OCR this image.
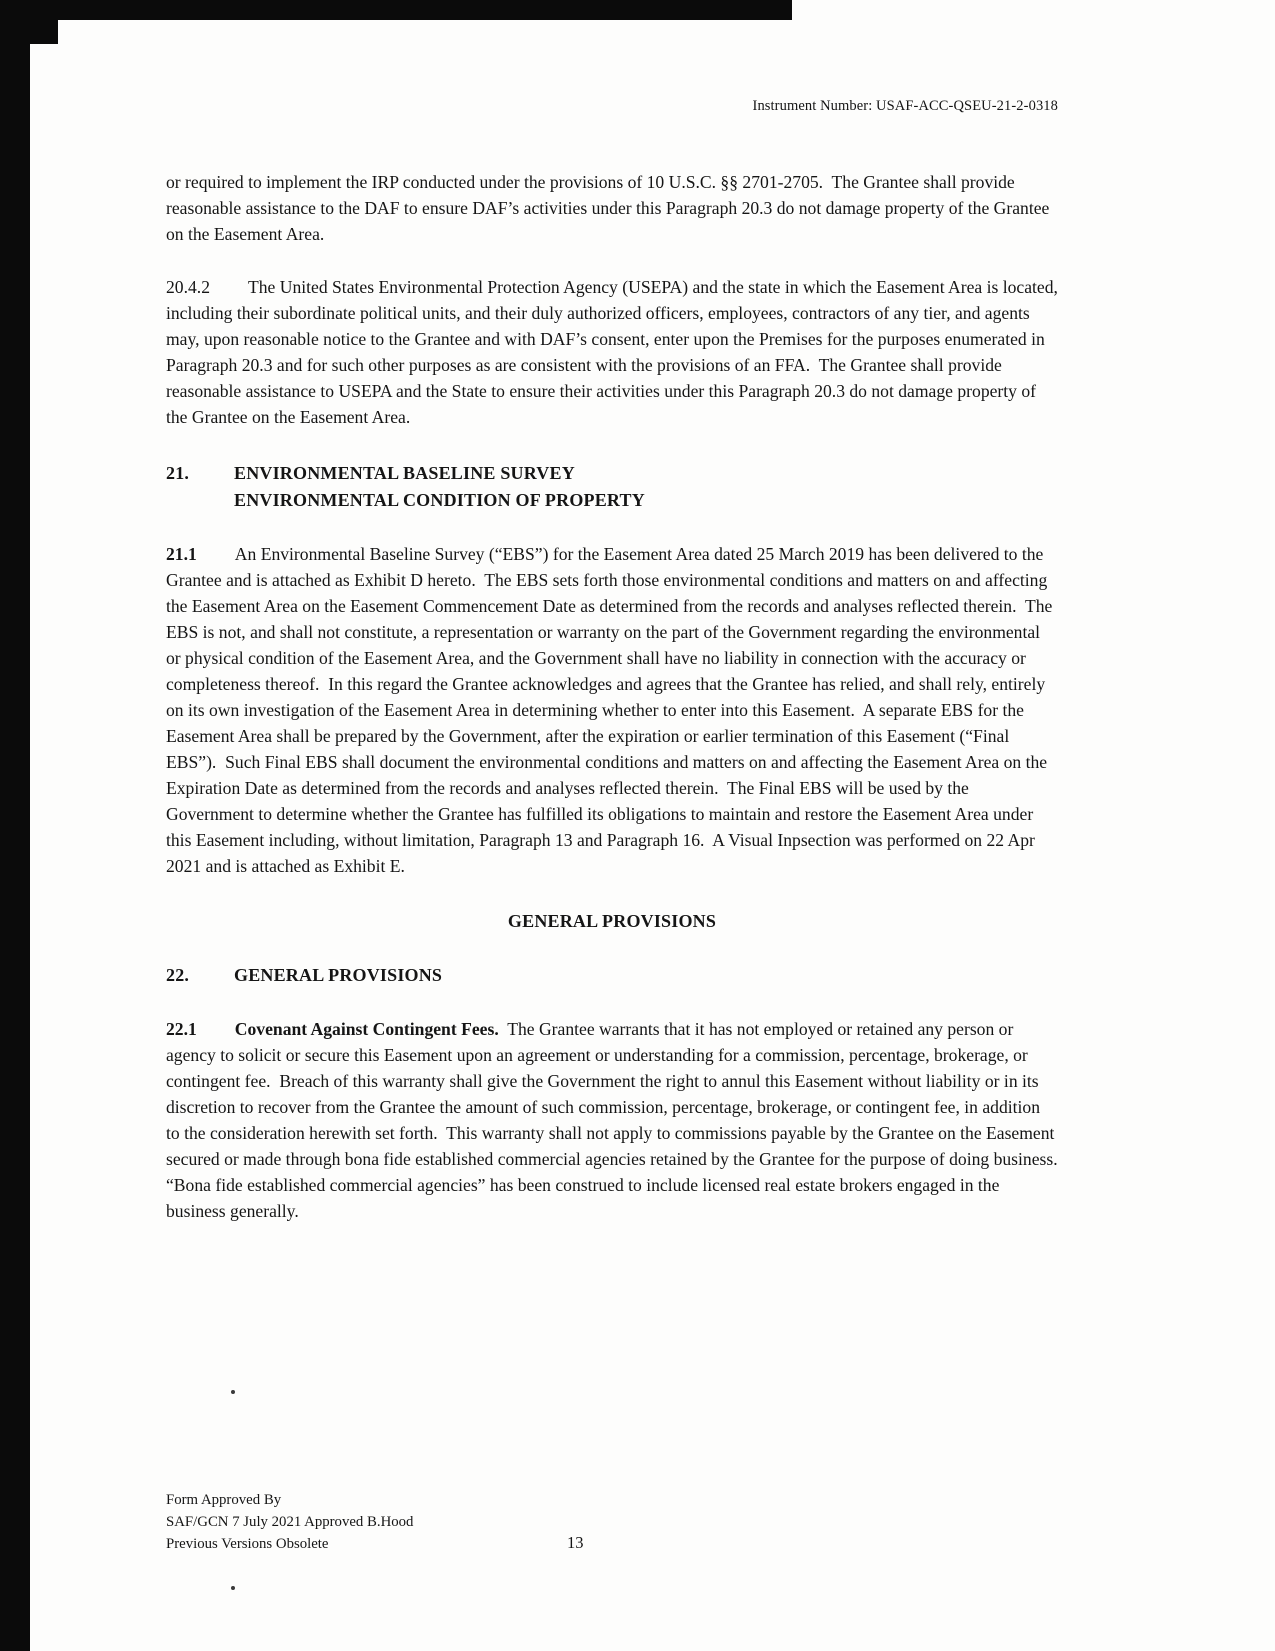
Instrument Number: USAF-ACC-QSEU-21-2-0318

or required to implement the IRP conducted under the provisions of 10 U.S.C. §§ 2701-2705.  The Grantee shall provide reasonable assistance to the DAF to ensure DAF’s activities under this Paragraph 20.3 do not damage property of the Grantee on the Easement Area.

20.4.2 The United States Environmental Protection Agency (USEPA) and the state in which the Easement Area is located, including their subordinate political units, and their duly authorized officers, employees, contractors of any tier, and agents may, upon reasonable notice to the Grantee and with DAF’s consent, enter upon the Premises for the purposes enumerated in Paragraph 20.3 and for such other purposes as are consistent with the provisions of an FFA.  The Grantee shall provide reasonable assistance to USEPA and the State to ensure their activities under this Paragraph 20.3 do not damage property of the Grantee on the Easement Area.

21.	ENVIRONMENTAL BASELINE SURVEY
ENVIRONMENTAL CONDITION OF PROPERTY

21.1 An Environmental Baseline Survey (“EBS”) for the Easement Area dated 25 March 2019 has been delivered to the Grantee and is attached as Exhibit D hereto.  The EBS sets forth those environmental conditions and matters on and affecting the Easement Area on the Easement Commencement Date as determined from the records and analyses reflected therein.  The EBS is not, and shall not constitute, a representation or warranty on the part of the Government regarding the environmental or physical condition of the Easement Area, and the Government shall have no liability in connection with the accuracy or completeness thereof.  In this regard the Grantee acknowledges and agrees that the Grantee has relied, and shall rely, entirely on its own investigation of the Easement Area in determining whether to enter into this Easement.  A separate EBS for the Easement Area shall be prepared by the Government, after the expiration or earlier termination of this Easement (“Final EBS”).  Such Final EBS shall document the environmental conditions and matters on and affecting the Easement Area on the Expiration Date as determined from the records and analyses reflected therein.  The Final EBS will be used by the Government to determine whether the Grantee has fulfilled its obligations to maintain and restore the Easement Area under this Easement including, without limitation, Paragraph 13 and Paragraph 16.  A Visual Inpsection was performed on 22 Apr 2021 and is attached as Exhibit E.

GENERAL PROVISIONS
22.	GENERAL PROVISIONS

22.1 Covenant Against Contingent Fees.  The Grantee warrants that it has not employed or retained any person or agency to solicit or secure this Easement upon an agreement or understanding for a commission, percentage, brokerage, or contingent fee.  Breach of this warranty shall give the Government the right to annul this Easement without liability or in its discretion to recover from the Grantee the amount of such commission, percentage, brokerage, or contingent fee, in addition to the consideration herewith set forth.  This warranty shall not apply to commissions payable by the Grantee on the Easement secured or made through bona fide established commercial agencies retained by the Grantee for the purpose of doing business.  “Bona fide established commercial agencies” has been construed to include licensed real estate brokers engaged in the business generally.

Form Approved By
SAF/GCN 7 July 2021 Approved B.Hood
Previous Versions Obsolete	13
